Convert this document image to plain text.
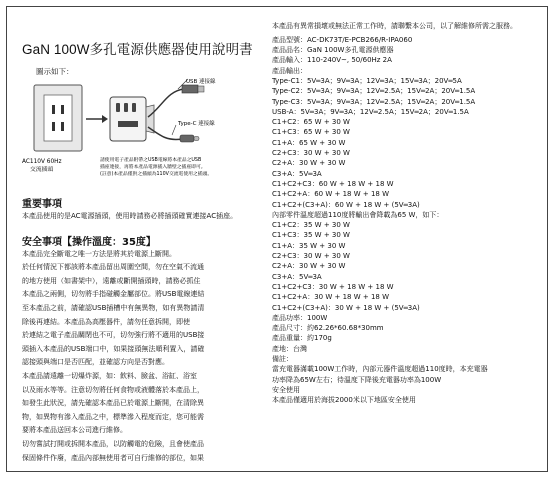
GaN 100W多孔電源供應器使用說明書
圖示如下：
USB 連接線
Type-C 連接線
AC110V 60Hz
交流插頭
請使用電子產品附帶之USB電線將本產品之USB
插座連接，再將本產品電源插入牆壁之插座即可。
(註意)本產品僅供之插頭為110V交流電使用之插頭。
重要事項
本產品使用的是AC電源插頭，使用時請務必將插頭確實連接AC插座。
安全事項【操作溫度：35度】
本產品完全斷電之唯一方法是將其於電源上斷開。
於任何情況下都該將本產品留出周圍空間，勿在空氣不流通
的地方使用（如書架中），遠離或斷開插頭時，請務必抓住
本產品之兩側，切勿將手指碰觸金屬部位。將USB電線連結
至本產品之前，請確認USB插槽中有無異物，如有異物請清
除後再連結。本產品為高壓器件，請勿任意拆開，即使
於連結之電子產品關閉也不可，切勿強行將不適用的USB接
頭插入本產品的USB端口中，如果接頭無法順利置入，請確
認接頭與端口是否匹配，並確認方向是否對應。
本產品請遠離一切爆炸源，如：飲料、臉盆、浴缸、浴室
以及雨水等等。注意切勿將任何食物或液體落於本產品上，
如發生此狀況，請先確認本產品已於電源上斷開，在清除異
物，如異物有滲入產品之中，標準滲入程度而定，您可能需
要將本產品送回本公司進行維修。
切勿嘗試打開或拆開本產品，以防觸電的危險，且會使產品
保固條件作廢，產品內部無使用者可自行維修的部位，如果
本產品有異常損壞或無法正常工作時，請聯繫本公司，以了解維修所需之服務。
產品型號：AC-DK73T/E-PCB266/R-IPA060
產品品名：GaN 100W多孔電源供應器
產品輸入：110-240V~, 50/60Hz 2A
產品輸出：
Type-C1：5V═3A；9V═3A；12V═3A；15V═3A；20V═5A
Type-C2：5V═3A；9V═3A；12V═2.5A；15V═2A；20V═1.5A
Type-C3：5V═3A；9V═3A；12V═2.5A；15V═2A；20V═1.5A
USB-A：5V═3A；9V═3A；12V═2.5A；15V═2A；20V═1.5A
C1+C2：65 W + 30 W
C1+C3：65 W + 30 W
C1+A：65 W + 30 W
C2+C3：30 W + 30 W
C2+A：30 W + 30 W
C3+A：5V═3A
C1+C2+C3：60 W + 18 W + 18 W
C1+C2+A：60 W + 18 W + 18 W
C1+C2+(C3+A)：60 W + 18 W + (5V═3A)
內部零件溫度超過110度將輸出會降載為65 W，如下：
C1+C2：35 W + 30 W
C1+C3：35 W + 30 W
C1+A：35 W + 30 W
C2+C3：30 W + 30 W
C2+A：30 W + 30 W
C3+A：5V═3A
C1+C2+C3：30 W + 18 W + 18 W
C1+C2+A：30 W + 18 W + 18 W
C1+C2+(C3+A)：30 W + 18 W + (5V═3A)
產品功率：100W
產品尺寸：約62.26*60.68*30mm
產品重量：約170g
產地：台灣
備註：
當充電器滿載100W工作時，內部元器件溫度超過110度時，本充電器
功率降為65W左右；待溫度下降後充電器功率為100W
安全使用
本產品僅適用於海拔2000米以下地區安全使用
